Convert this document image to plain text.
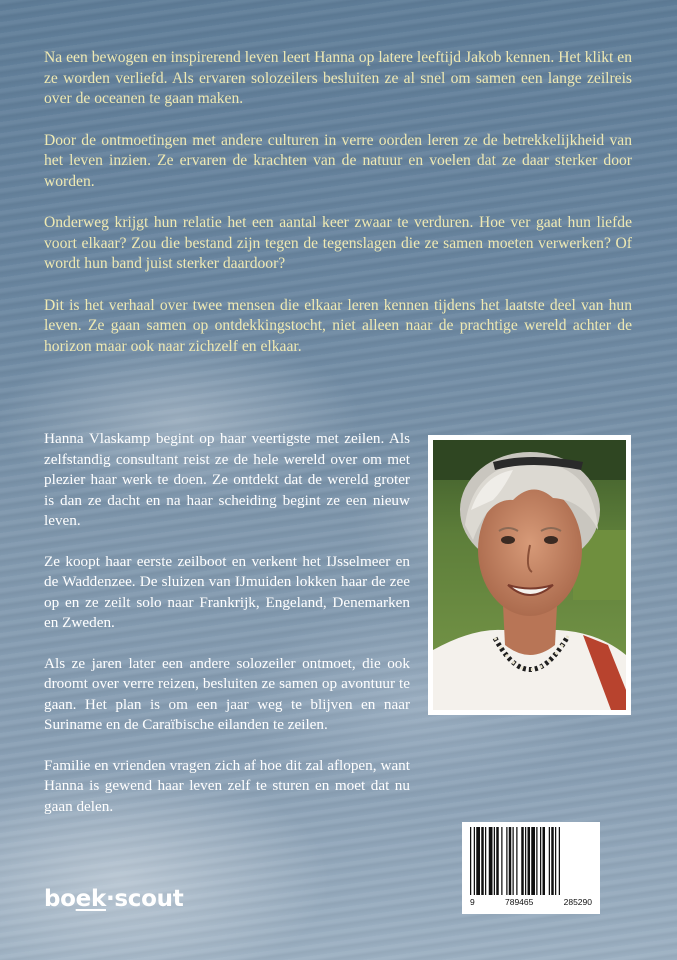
Na een bewogen en inspirerend leven leert Hanna op latere leeftijd Jakob kennen. Het klikt en ze worden verliefd. Als ervaren solozeilers besluiten ze al snel om samen een lange zeilreis over de oceanen te gaan maken.

Door de ontmoetingen met andere culturen in verre oorden leren ze de betrekkelijkheid van het leven inzien. Ze ervaren de krachten van de natuur en voelen dat ze daar sterker door worden.

Onderweg krijgt hun relatie het een aantal keer zwaar te verduren. Hoe ver gaat hun liefde voort elkaar? Zou die bestand zijn tegen de tegenslagen die ze samen moeten verwerken? Of wordt hun band juist sterker daardoor?

Dit is het verhaal over twee mensen die elkaar leren kennen tijdens het laatste deel van hun leven. Ze gaan samen op ontdekkingstocht, niet alleen naar de prachtige wereld achter de horizon maar ook naar zichzelf en elkaar.

Hanna Vlaskamp begint op haar veertigste met zeilen. Als zelfstandig consultant reist ze de hele wereld over om met plezier haar werk te doen. Ze ontdekt dat de wereld groter is dan ze dacht en na haar scheiding begint ze een nieuw leven.

Ze koopt haar eerste zeilboot en verkent het IJsselmeer en de Waddenzee. De sluizen van IJmuiden lokken haar de zee op en ze zeilt solo naar Frankrijk, Engeland, Denemarken en Zweden.

Als ze jaren later een andere solozeiler ontmoet, die ook droomt over verre reizen, besluiten ze samen op avontuur te gaan. Het plan is om een jaar weg te blijven en naar Suriname en de Caraïbische eilanden te zeilen.

Familie en vrienden vragen zich af hoe dit zal aflopen, want Hanna is gewend haar leven zelf te sturen en moet dat nu gaan delen.

9	789465	285290
boek·scout
